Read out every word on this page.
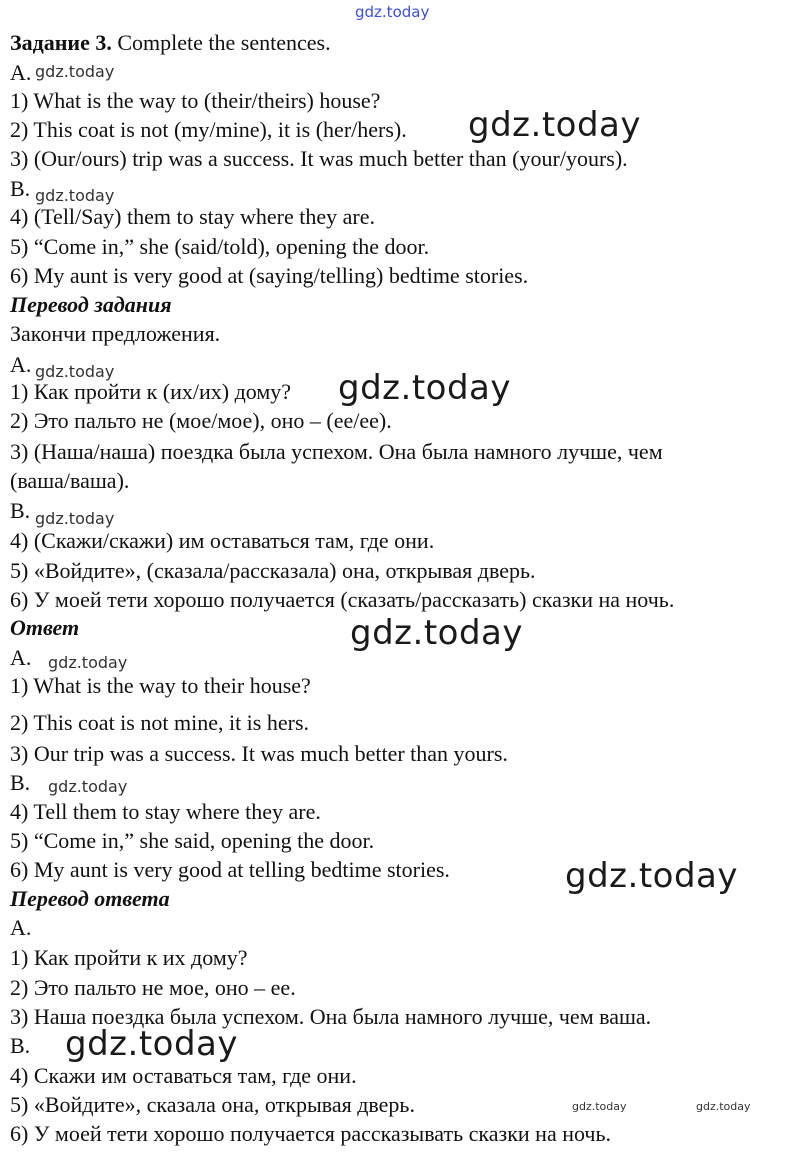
gdz.today
Задание 3. Complete the sentences.
A. gdz.today
1) What is the way to (their/theirs) house?
2) This coat is not (my/mine), it is (her/hers). gdz.today
3) (Our/ours) trip was a success. It was much better than (your/yours).
B. gdz.today
4) (Tell/Say) them to stay where they are.
5) “Come in,” she (said/told), opening the door.
6) My aunt is very good at (saying/telling) bedtime stories.
Перевод задания
Закончи предложения.
A. gdz.today
1) Как пройти к (их/их) дому? gdz.today
2) Это пальто не (мое/мое), оно – (ее/ее).
3) (Наша/наша) поездка была успехом. Она была намного лучше, чем
(ваша/ваша).
B. gdz.today
4) (Скажи/скажи) им оставаться там, где они.
5) «Войдите», (сказала/рассказала) она, открывая дверь.
6) У моей тети хорошо получается (сказать/рассказать) сказки на ночь.
Ответ	gdz.today
A. gdz.today
1) What is the way to their house?
2) This coat is not mine, it is hers.
3) Our trip was a success. It was much better than yours.
B. gdz.today
4) Tell them to stay where they are.
5) “Come in,” she said, opening the door.
6) My aunt is very good at telling bedtime stories.	gdz.today
Перевод ответа
A.
1) Как пройти к их дому?
2) Это пальто не мое, оно – ее.
3) Наша поездка была успехом. Она была намного лучше, чем ваша.
B. gdz.today
4) Скажи им оставаться там, где они.
5) «Войдите», сказала она, открывая дверь.	gdz.today	gdz.today
6) У моей тети хорошо получается рассказывать сказки на ночь.
